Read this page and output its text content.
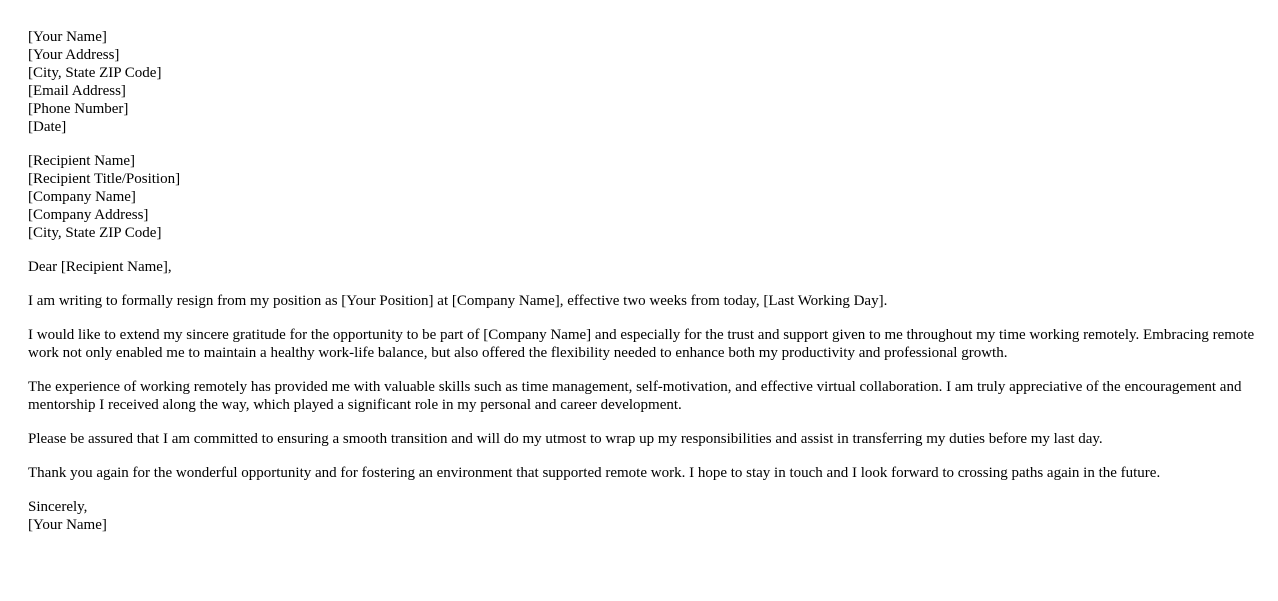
[Your Name]
[Your Address]
[City, State ZIP Code]
[Email Address]
[Phone Number]
[Date]
[Recipient Name]
[Recipient Title/Position]
[Company Name]
[Company Address]
[City, State ZIP Code]

Dear [Recipient Name],

I am writing to formally resign from my position as [Your Position] at [Company Name], effective two weeks from today, [Last Working Day].

I would like to extend my sincere gratitude for the opportunity to be part of [Company Name] and especially for the trust and support given to me throughout my time working remotely. Embracing remote work not only enabled me to maintain a healthy work-life balance, but also offered the flexibility needed to enhance both my productivity and professional growth.

The experience of working remotely has provided me with valuable skills such as time management, self-motivation, and effective virtual collaboration. I am truly appreciative of the encouragement and mentorship I received along the way, which played a significant role in my personal and career development.

Please be assured that I am committed to ensuring a smooth transition and will do my utmost to wrap up my responsibilities and assist in transferring my duties before my last day.

Thank you again for the wonderful opportunity and for fostering an environment that supported remote work. I hope to stay in touch and I look forward to crossing paths again in the future.

Sincerely,
[Your Name]
